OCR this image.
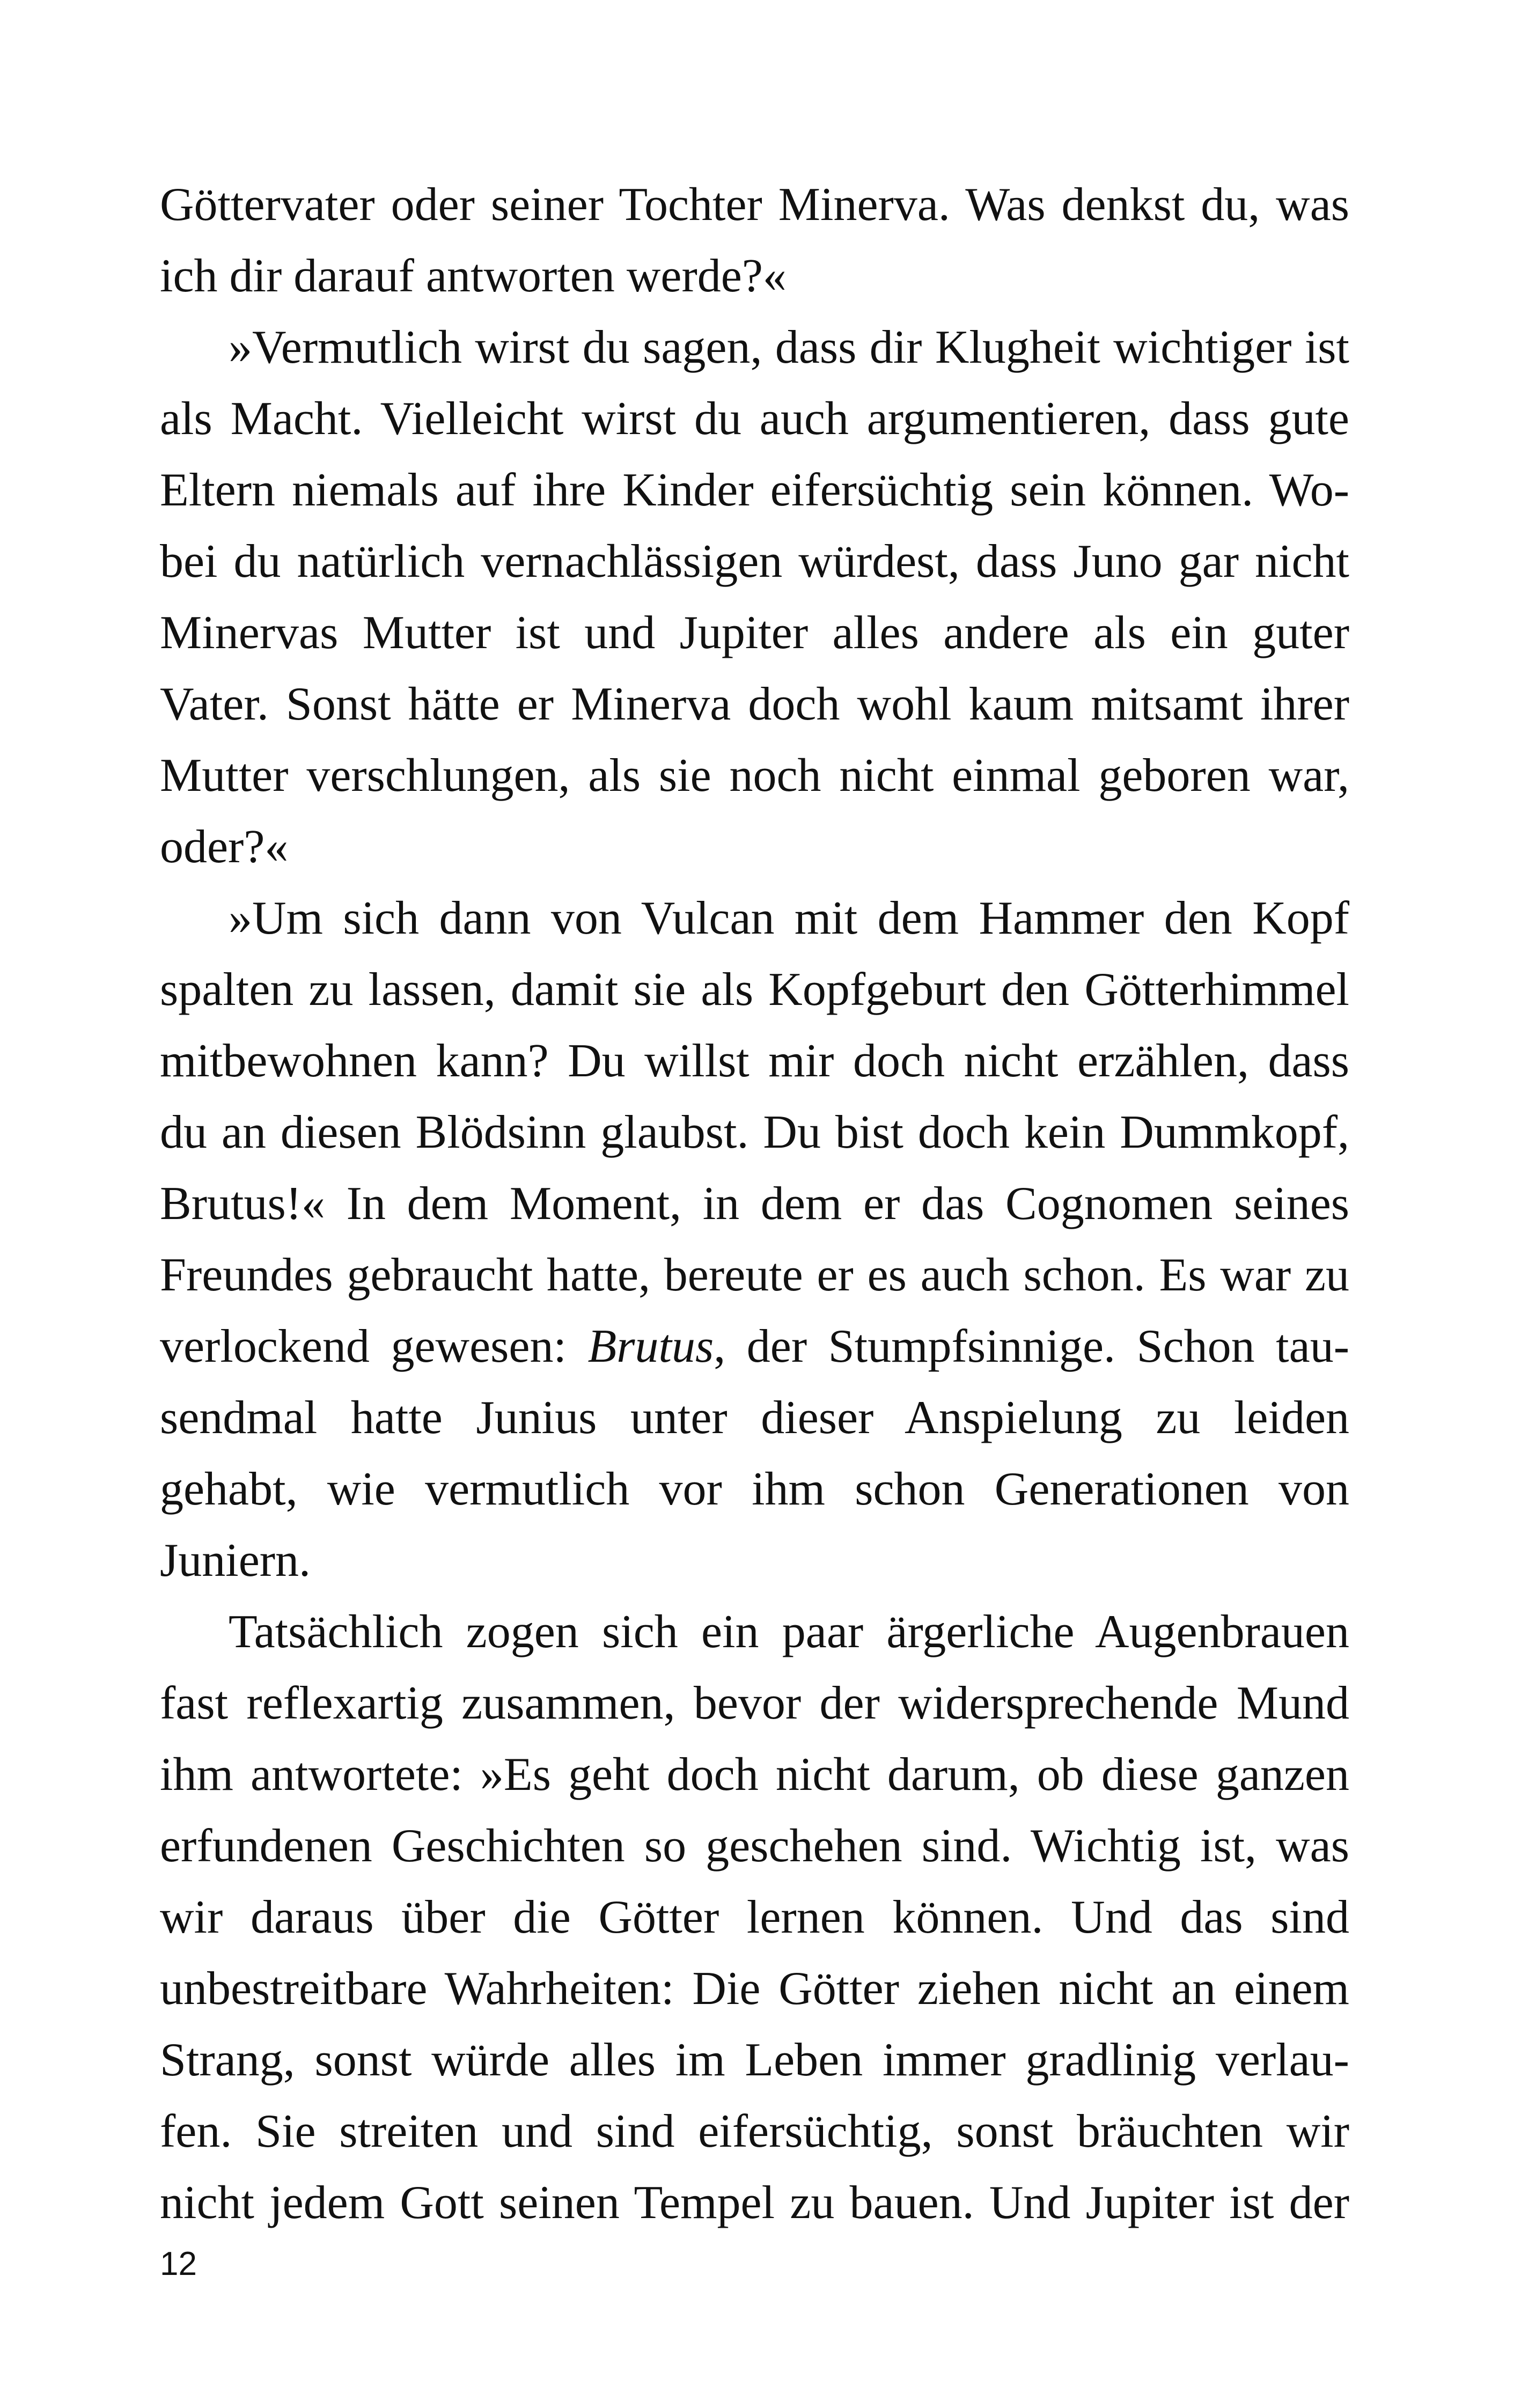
Göttervater oder seiner Tochter Minerva. Was denkst du, was
ich dir darauf antworten werde?«

»Vermutlich wirst du sagen, dass dir Klugheit wichtiger ist
als Macht. Vielleicht wirst du auch argumentieren, dass gute
Eltern niemals auf ihre Kinder eifersüchtig sein können. Wo-
bei du natürlich vernachlässigen würdest, dass Juno gar nicht
Minervas Mutter ist und Jupiter alles andere als ein guter
Vater. Sonst hätte er Minerva doch wohl kaum mitsamt ihrer
Mutter verschlungen, als sie noch nicht einmal geboren war,
oder?«

»Um sich dann von Vulcan mit dem Hammer den Kopf
spalten zu lassen, damit sie als Kopfgeburt den Götterhimmel
mitbewohnen kann? Du willst mir doch nicht erzählen, dass
du an diesen Blödsinn glaubst. Du bist doch kein Dummkopf,
Brutus!« In dem Moment, in dem er das Cognomen seines
Freundes gebraucht hatte, bereute er es auch schon. Es war zu
verlockend gewesen: Brutus, der Stumpfsinnige. Schon tau-
sendmal hatte Junius unter dieser Anspielung zu leiden
gehabt, wie vermutlich vor ihm schon Generationen von
Juniern.

Tatsächlich zogen sich ein paar ärgerliche Augenbrauen
fast reflexartig zusammen, bevor der widersprechende Mund
ihm antwortete: »Es geht doch nicht darum, ob diese ganzen
erfundenen Geschichten so geschehen sind. Wichtig ist, was
wir daraus über die Götter lernen können. Und das sind
unbestreitbare Wahrheiten: Die Götter ziehen nicht an einem
Strang, sonst würde alles im Leben immer gradlinig verlau-
fen. Sie streiten und sind eifersüchtig, sonst bräuchten wir
nicht jedem Gott seinen Tempel zu bauen. Und Jupiter ist der

12
